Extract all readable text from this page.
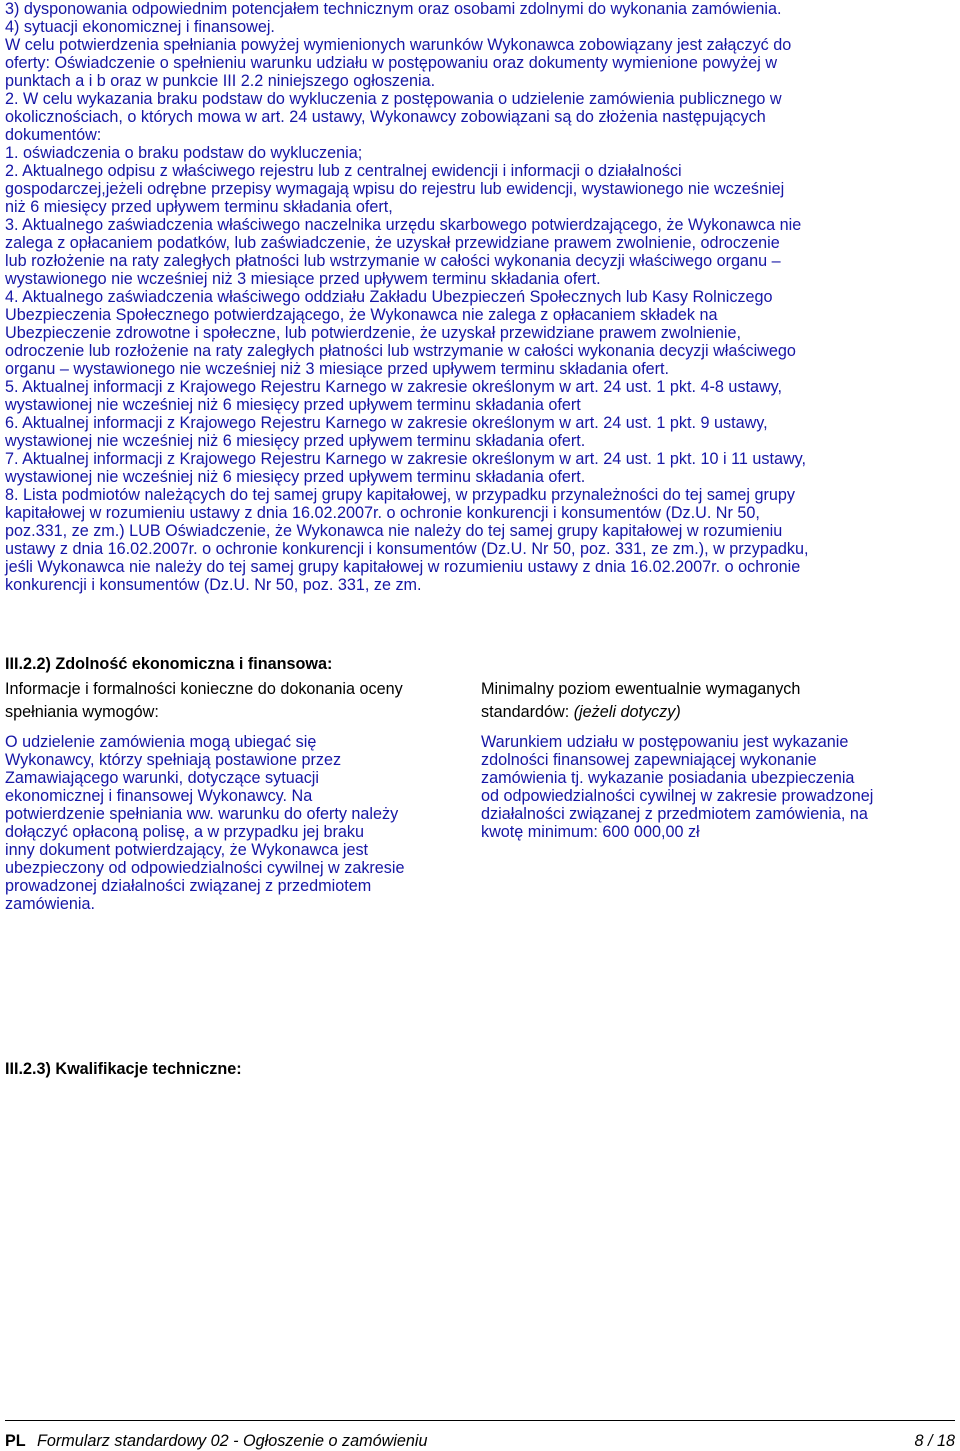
3) dysponowania odpowiednim potencjałem technicznym oraz osobami zdolnymi do wykonania zamówienia.

4) sytuacji ekonomicznej i finansowej.

W celu potwierdzenia spełniania powyżej wymienionych warunków Wykonawca zobowiązany jest załączyć do

oferty: Oświadczenie o spełnieniu warunku udziału w postępowaniu oraz dokumenty wymienione powyżej w

punktach a i b oraz w punkcie III 2.2 niniejszego ogłoszenia.

2. W celu wykazania braku podstaw do wykluczenia z postępowania o udzielenie zamówienia publicznego w

okolicznościach, o których mowa w art. 24 ustawy, Wykonawcy zobowiązani są do złożenia następujących

dokumentów:

1. oświadczenia o braku podstaw do wykluczenia;

2. Aktualnego odpisu z właściwego rejestru lub z centralnej ewidencji i informacji o działalności

gospodarczej,jeżeli odrębne przepisy wymagają wpisu do rejestru lub ewidencji, wystawionego nie wcześniej

niż 6 miesięcy przed upływem terminu składania ofert,

3. Aktualnego zaświadczenia właściwego naczelnika urzędu skarbowego potwierdzającego, że Wykonawca nie

zalega z opłacaniem podatków, lub zaświadczenie, że uzyskał przewidziane prawem zwolnienie, odroczenie

lub rozłożenie na raty zaległych płatności lub wstrzymanie w całości wykonania decyzji właściwego organu –

wystawionego nie wcześniej niż 3 miesiące przed upływem terminu składania ofert.

4. Aktualnego zaświadczenia właściwego oddziału Zakładu Ubezpieczeń Społecznych lub Kasy Rolniczego

Ubezpieczenia Społecznego potwierdzającego, że Wykonawca nie zalega z opłacaniem składek na

Ubezpieczenie zdrowotne i społeczne, lub potwierdzenie, że uzyskał przewidziane prawem zwolnienie,

odroczenie lub rozłożenie na raty zaległych płatności lub wstrzymanie w całości wykonania decyzji właściwego

organu – wystawionego nie wcześniej niż 3 miesiące przed upływem terminu składania ofert.

5. Aktualnej informacji z Krajowego Rejestru Karnego w zakresie określonym w art. 24 ust. 1 pkt. 4-8 ustawy,

wystawionej nie wcześniej niż 6 miesięcy przed upływem terminu składania ofert

6. Aktualnej informacji z Krajowego Rejestru Karnego w zakresie określonym w art. 24 ust. 1 pkt. 9 ustawy,

wystawionej nie wcześniej niż 6 miesięcy przed upływem terminu składania ofert.

7. Aktualnej informacji z Krajowego Rejestru Karnego w zakresie określonym w art. 24 ust. 1 pkt. 10 i 11 ustawy,

wystawionej nie wcześniej niż 6 miesięcy przed upływem terminu składania ofert.

8. Lista podmiotów należących do tej samej grupy kapitałowej, w przypadku przynależności do tej samej grupy

kapitałowej w rozumieniu ustawy z dnia 16.02.2007r. o ochronie konkurencji i konsumentów (Dz.U. Nr 50,

poz.331, ze zm.) LUB Oświadczenie, że Wykonawca nie należy do tej samej grupy kapitałowej w rozumieniu

ustawy z dnia 16.02.2007r. o ochronie konkurencji i konsumentów (Dz.U. Nr 50, poz. 331, ze zm.), w przypadku,

jeśli Wykonawca nie należy do tej samej grupy kapitałowej w rozumieniu ustawy z dnia 16.02.2007r. o ochronie

konkurencji i konsumentów (Dz.U. Nr 50, poz. 331, ze zm.

III.2.2) Zdolność ekonomiczna i finansowa:
Informacje i formalności konieczne do dokonania oceny
spełniania wymogów:
Minimalny poziom ewentualnie wymaganych
standardów: (jeżeli dotyczy)

O udzielenie zamówienia mogą ubiegać się

Wykonawcy, którzy spełniają postawione przez

Zamawiającego warunki, dotyczące sytuacji

ekonomicznej i finansowej Wykonawcy. Na

potwierdzenie spełniania ww. warunku do oferty należy

dołączyć opłaconą polisę, a w przypadku jej braku

inny dokument potwierdzający, że Wykonawca jest

ubezpieczony od odpowiedzialności cywilnej w zakresie

prowadzonej działalności związanej z przedmiotem

zamówienia.

Warunkiem udziału w postępowaniu jest wykazanie

zdolności finansowej zapewniającej wykonanie

zamówienia tj. wykazanie posiadania ubezpieczenia

od odpowiedzialności cywilnej w zakresie prowadzonej

działalności związanej z przedmiotem zamówienia, na

kwotę minimum: 600 000,00 zł

III.2.3) Kwalifikacje techniczne:
PL Formularz standardowy 02 - Ogłoszenie o zamówieniu	8 / 18
